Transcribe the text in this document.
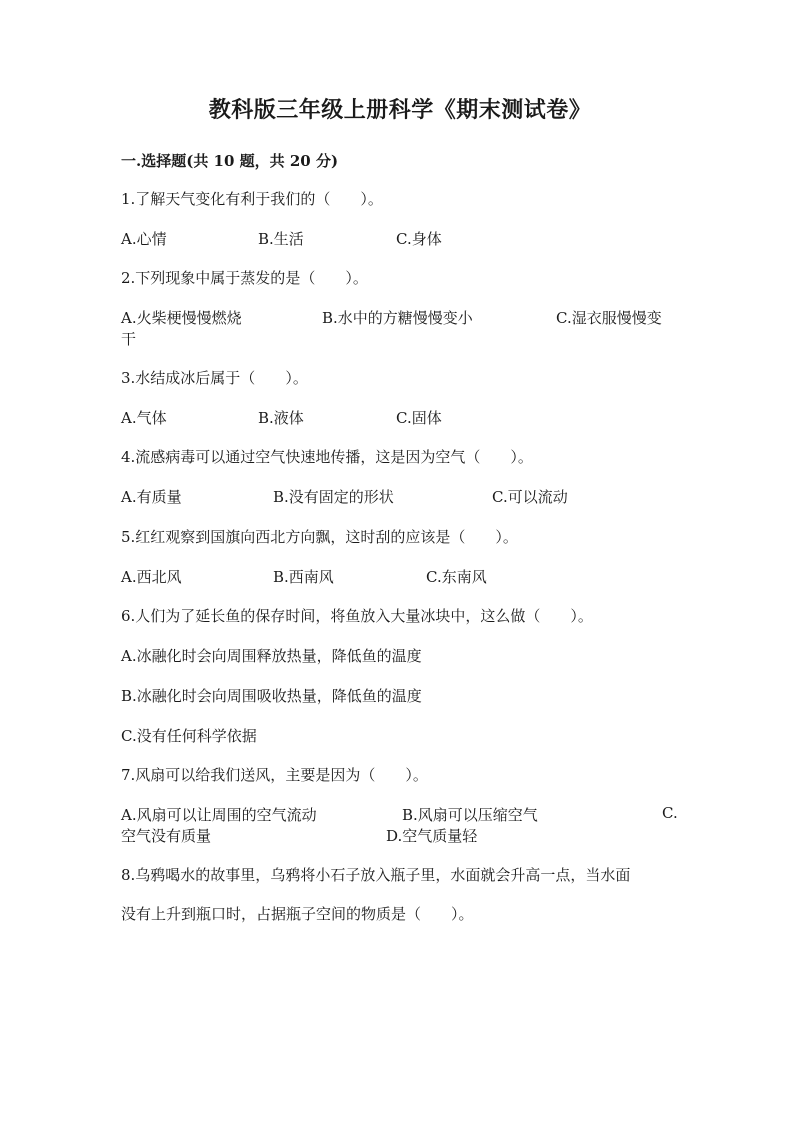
教科版三年级上册科学《期末测试卷》
一.选择题(共 10 题，共 20 分)
1.了解天气变化有利于我们的（　　）。
A.心情	B.生活	C.身体
2.下列现象中属于蒸发的是（　　）。
A.火柴梗慢慢燃烧	B.水中的方糖慢慢变小	C.湿衣服慢慢变
干
3.水结成冰后属于（　　）。
A.气体	B.液体	C.固体
4.流感病毒可以通过空气快速地传播，这是因为空气（　　）。
A.有质量	B.没有固定的形状	C.可以流动
5.红红观察到国旗向西北方向飘，这时刮的应该是（　　）。
A.西北风	B.西南风	C.东南风
6.人们为了延长鱼的保存时间，将鱼放入大量冰块中，这么做（　　）。
A.冰融化时会向周围释放热量，降低鱼的温度
B.冰融化时会向周围吸收热量，降低鱼的温度
C.没有任何科学依据
7.风扇可以给我们送风，主要是因为（　　）。
A.风扇可以让周围的空气流动	B.风扇可以压缩空气	C.
空气没有质量	D.空气质量轻
8.乌鸦喝水的故事里，乌鸦将小石子放入瓶子里，水面就会升高一点，当水面
没有上升到瓶口时，占据瓶子空间的物质是（　　）。
